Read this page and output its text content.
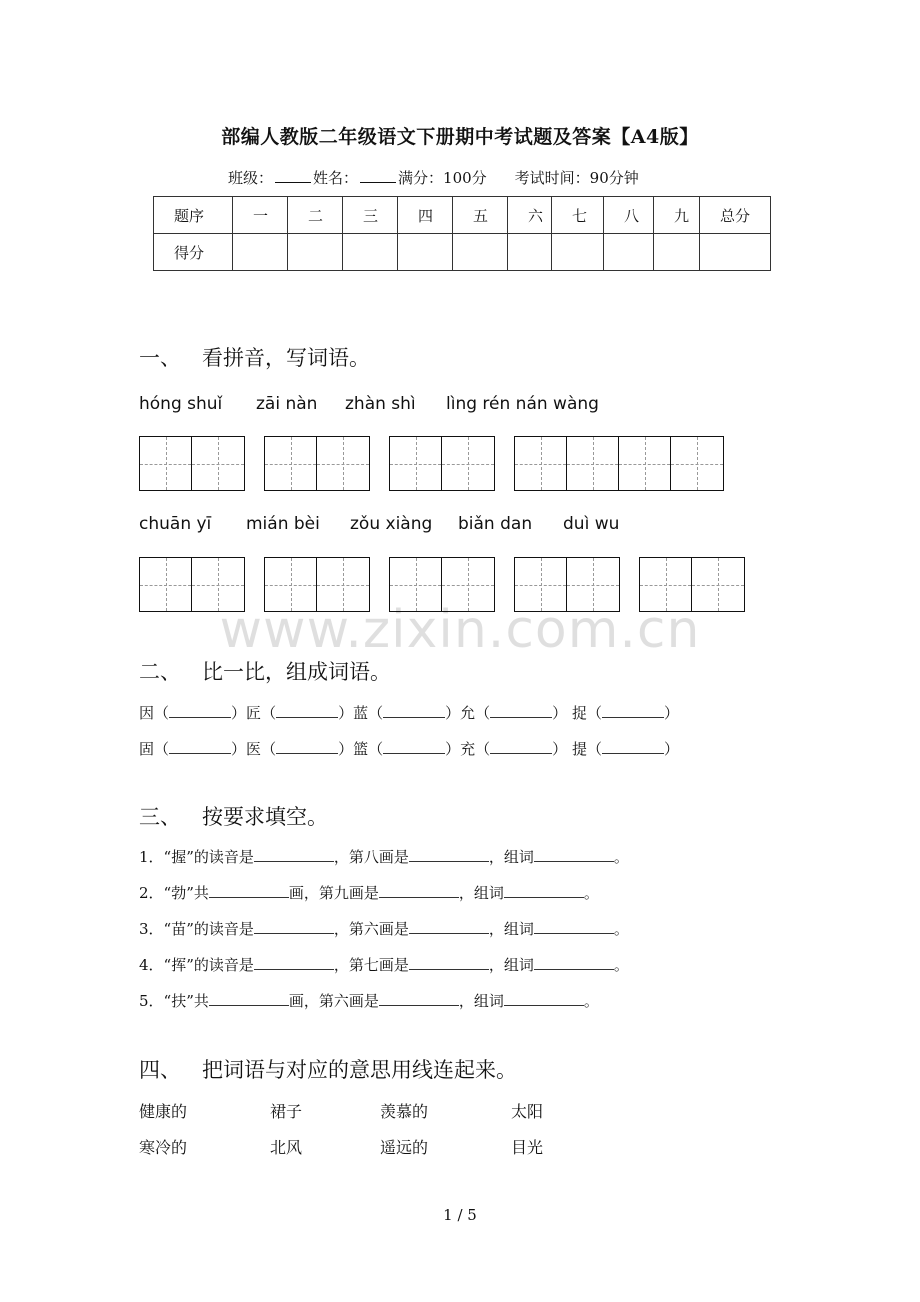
部编人教版二年级语文下册期中考试题及答案【A4版】
班级：	姓名：	满分：100分 考试时间：90分钟
题序	一	二	三	四	五	六	七	八	九	总分
得分										
一、 看拼音，写词语。
hóng shuǐ zāi nàn zhàn shì lìng rén nán wàng
chuān yī mián bèi zǒu xiàng biǎn dan duì wu
www.zixin.com.cn
二、 比一比，组成词语。
因（	）匠（	）蓝（	）允（	） 捉（	）
固（	）医（	）篮（	）充（	） 提（	）
三、 按要求填空。
1．“握”的读音是	，第八画是	，组词	。
2．“勃”共	画，第九画是	，组词	。
3．“苗”的读音是	，第六画是	，组词	。
4．“挥”的读音是	，第七画是	，组词	。
5．“扶”共	画，第六画是	，组词	。
四、 把词语与对应的意思用线连起来。
健康的	裙子	羡慕的	太阳
寒冷的	北风	遥远的	目光
1 / 5
